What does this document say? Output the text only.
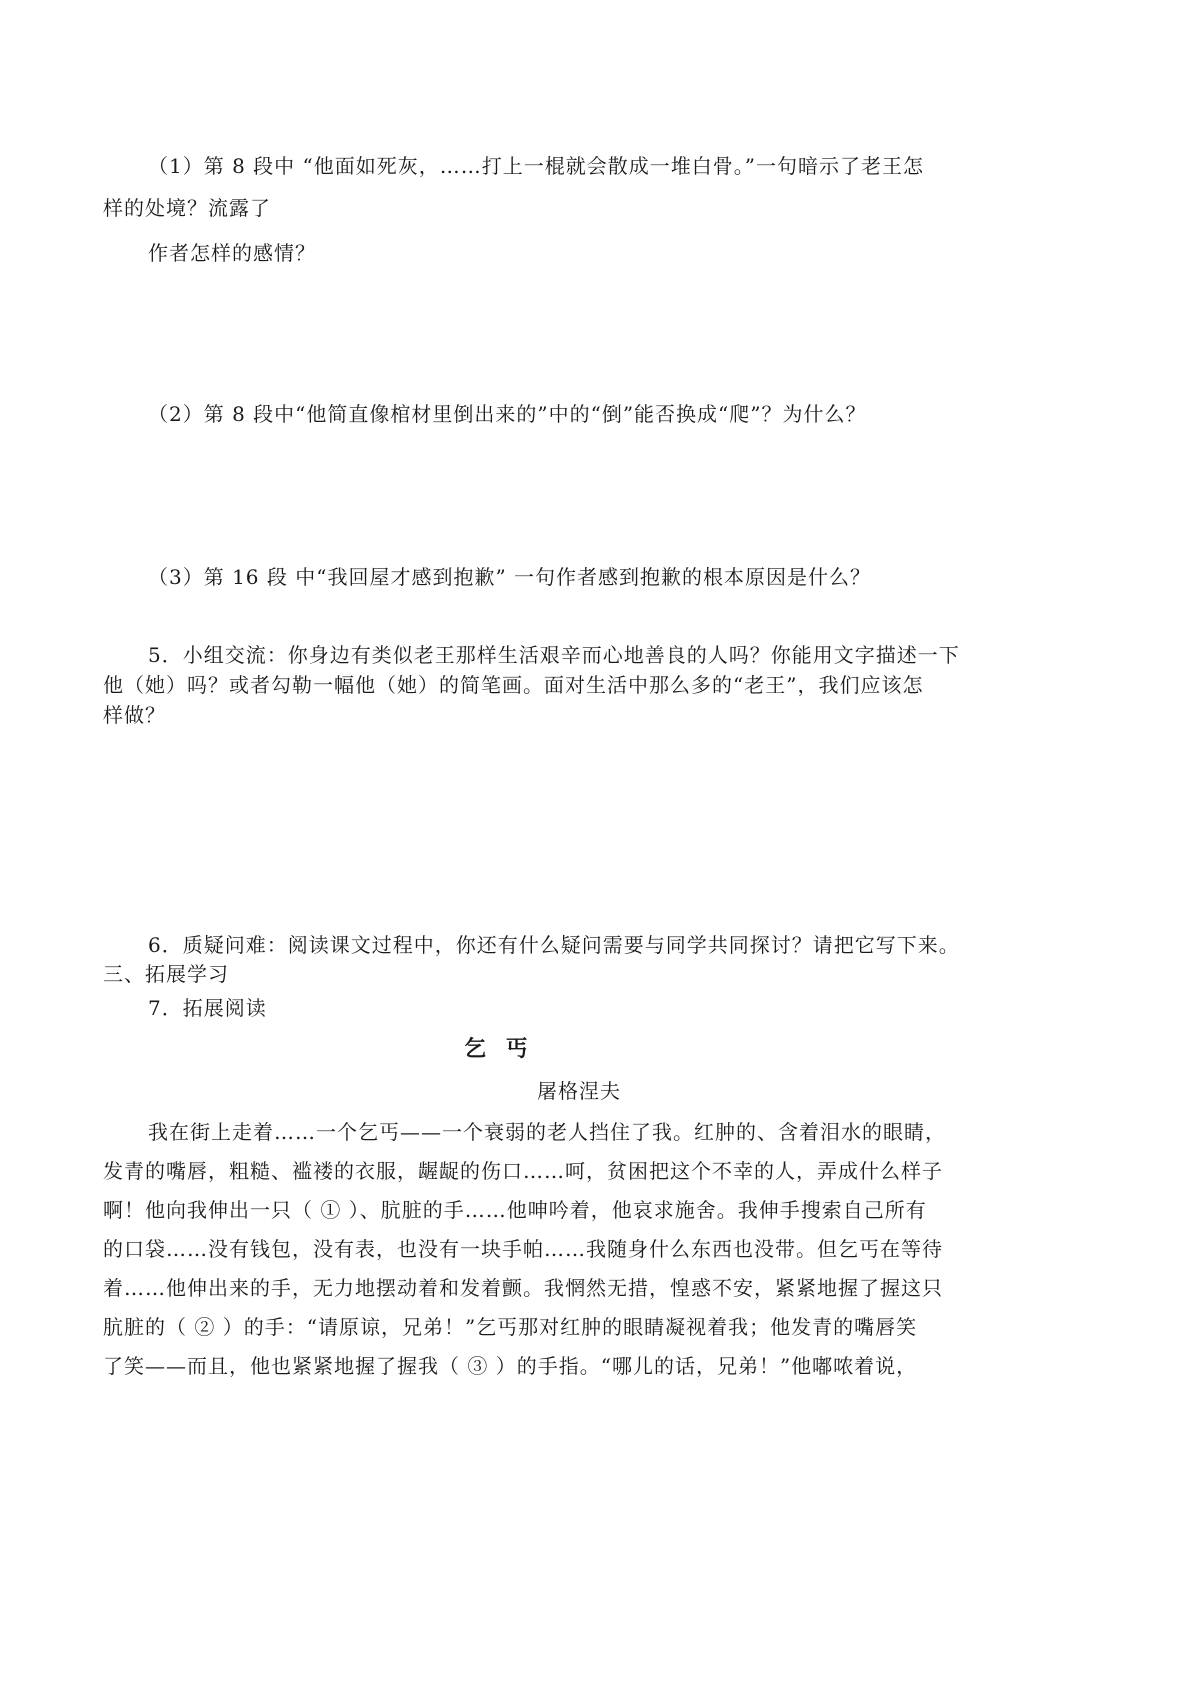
（1）第 8 段中 “他面如死灰，……打上一棍就会散成一堆白骨。”一句暗示了老王怎
样的处境？流露了
作者怎样的感情？
（2）第 8 段中“他简直像棺材里倒出来的”中的“倒”能否换成“爬”？为什么？
（3）第 16 段 中“我回屋才感到抱歉” 一句作者感到抱歉的根本原因是什么？
5．小组交流：你身边有类似老王那样生活艰辛而心地善良的人吗？你能用文字描述一下
他（她）吗？或者勾勒一幅他（她）的简笔画。面对生活中那么多的“老王”，我们应该怎
样做？
6．质疑问难：阅读课文过程中，你还有什么疑问需要与同学共同探讨？请把它写下来。
三、拓展学习
7．拓展阅读
乞 丐
屠格涅夫
我在街上走着……一个乞丐——一个衰弱的老人挡住了我。红肿的、含着泪水的眼睛，
发青的嘴唇，粗糙、褴褛的衣服，龌龊的伤口……呵，贫困把这个不幸的人，弄成什么样子
啊！他向我伸出一只（ ① ）、肮脏的手……他呻吟着，他哀求施舍。我伸手搜索自己所有
的口袋……没有钱包，没有表，也没有一块手帕……我随身什么东西也没带。但乞丐在等待
着……他伸出来的手，无力地摆动着和发着颤。我惘然无措，惶惑不安，紧紧地握了握这只
肮脏的（ ② ）的手：“请原谅，兄弟！”乞丐那对红肿的眼睛凝视着我；他发青的嘴唇笑
了笑——而且，他也紧紧地握了握我（ ③ ）的手指。“哪儿的话，兄弟！”他嘟哝着说，
